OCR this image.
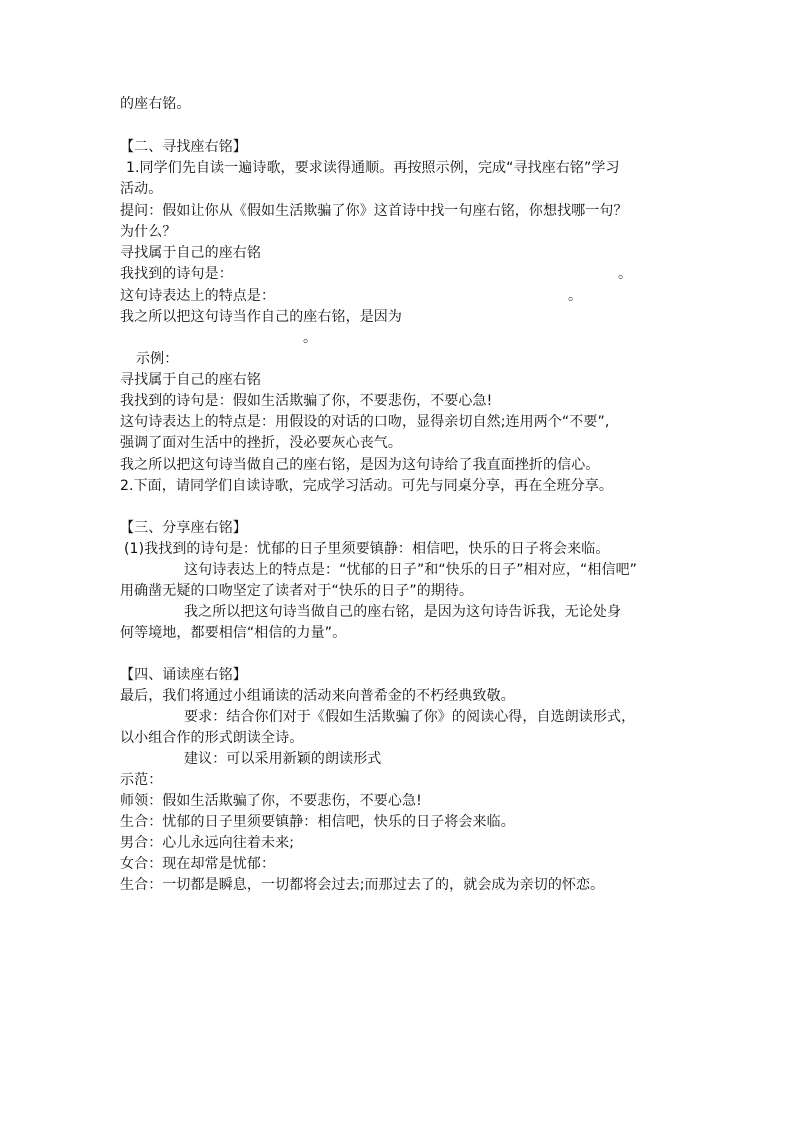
的座右铭。
【二、寻找座右铭】
1.同学们先自读一遍诗歌，要求读得通顺。再按照示例，完成“寻找座右铭”学习
活动。
提问：假如让你从《假如生活欺骗了你》这首诗中找一句座右铭，你想找哪一句？
为什么？
寻找属于自己的座右铭
我找到的诗句是：	。
这句诗表达上的特点是：	。
我之所以把这句诗当作自己的座右铭，是因为
。
示例：
寻找属于自己的座右铭
我找到的诗句是：假如生活欺骗了你，不要悲伤，不要心急!
这句诗表达上的特点是：用假设的对话的口吻，显得亲切自然;连用两个“不要”,
强调了面对生活中的挫折，没必要灰心丧气。
我之所以把这句诗当做自己的座右铭，是因为这句诗给了我直面挫折的信心。
2.下面，请同学们自读诗歌，完成学习活动。可先与同桌分享，再在全班分享。
【三、分享座右铭】
(1)我找到的诗句是：忧郁的日子里须要镇静：相信吧，快乐的日子将会来临。
这句诗表达上的特点是：“忧郁的日子”和“快乐的日子”相对应，“相信吧”
用确凿无疑的口吻坚定了读者对于“快乐的日子”的期待。
我之所以把这句诗当做自己的座右铭，是因为这句诗告诉我，无论处身
何等境地，都要相信“相信的力量”。
【四、诵读座右铭】
最后，我们将通过小组诵读的活动来向普希金的不朽经典致敬。
要求：结合你们对于《假如生活欺骗了你》的阅读心得，自选朗读形式，
以小组合作的形式朗读全诗。
建议：可以采用新颖的朗读形式
示范：
师领：假如生活欺骗了你，不要悲伤，不要心急!
生合：忧郁的日子里须要镇静：相信吧，快乐的日子将会来临。
男合：心儿永远向往着未来;
女合：现在却常是忧郁：
生合：一切都是瞬息，一切都将会过去;而那过去了的，就会成为亲切的怀恋。
